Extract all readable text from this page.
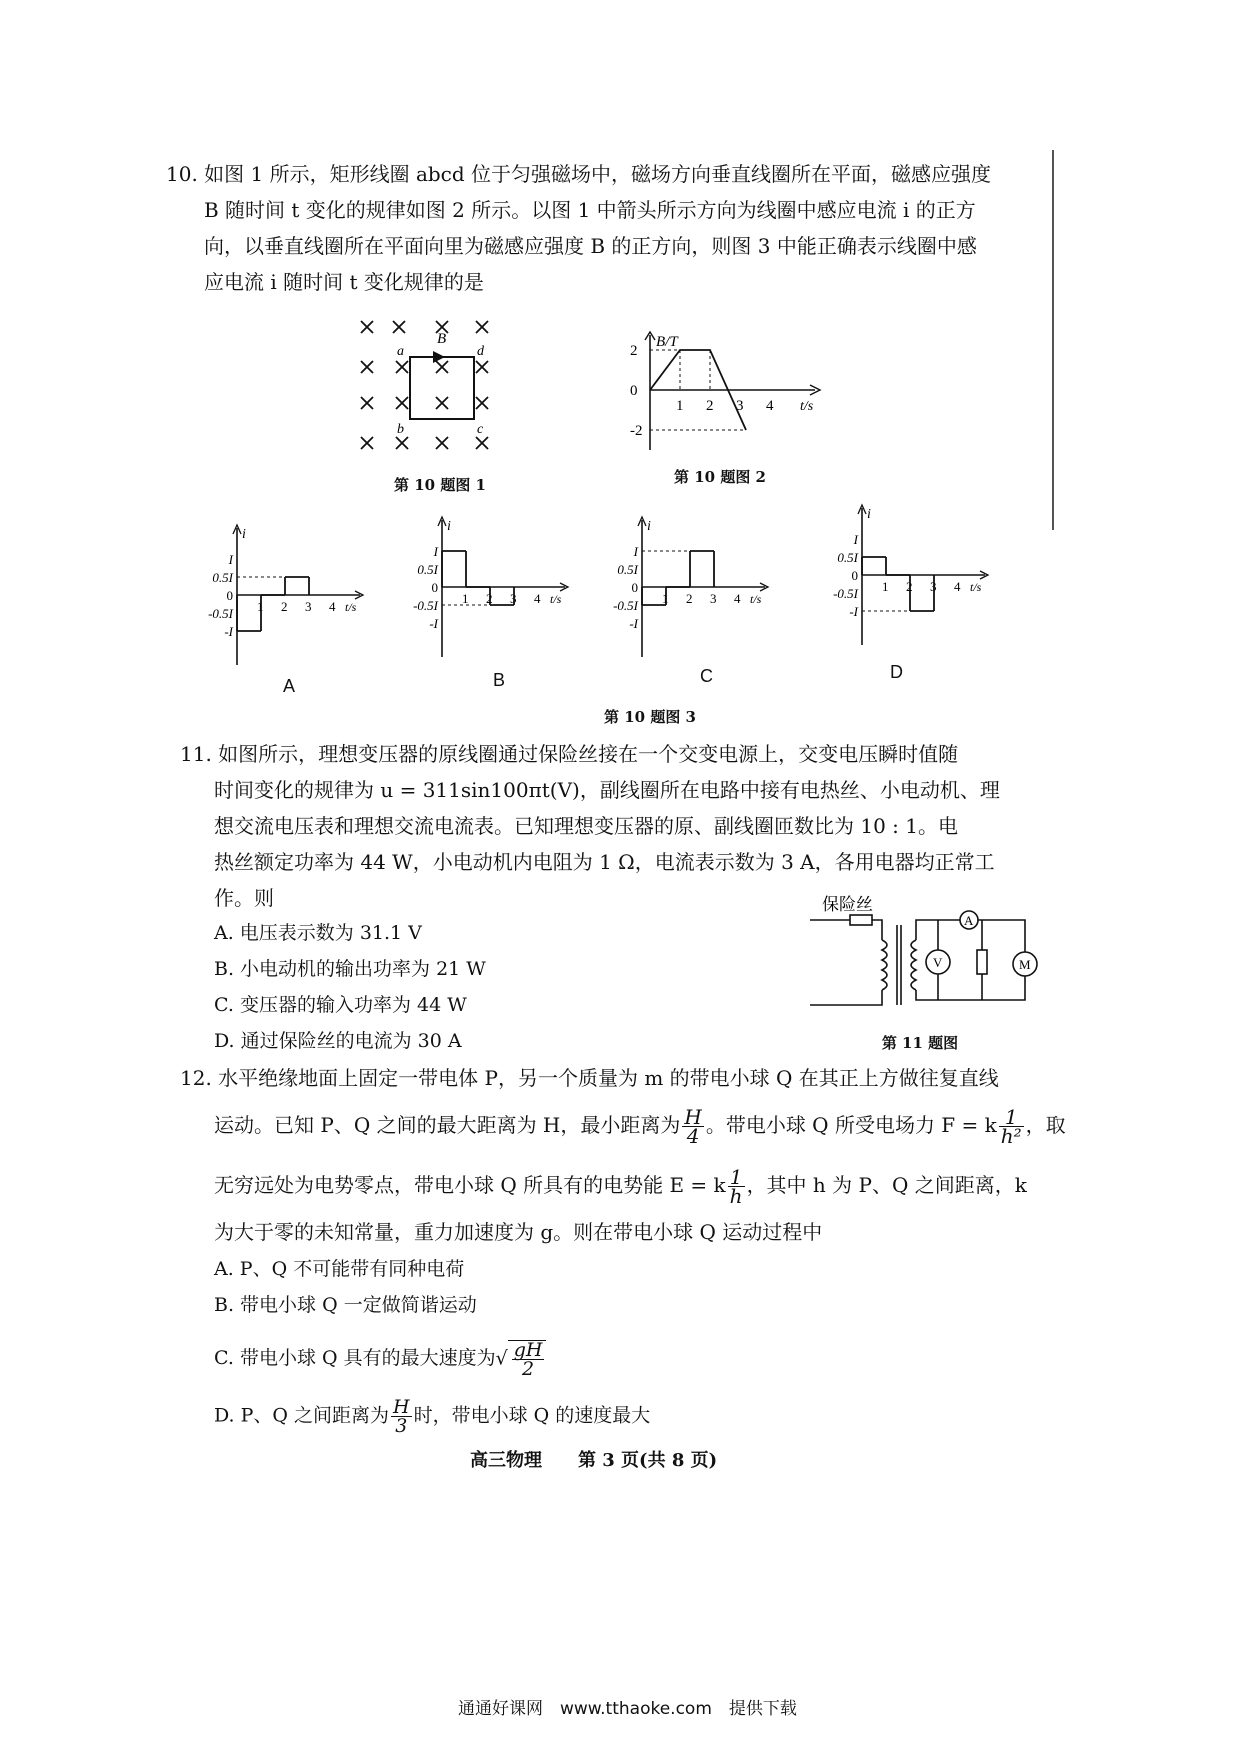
10. 如图 1 所示，矩形线圈 abcd 位于匀强磁场中，磁场方向垂直线圈所在平面，磁感应强度
B 随时间 t 变化的规律如图 2 所示。以图 1 中箭头所示方向为线圈中感应电流 i 的正方
向，以垂直线圈所在平面向里为磁感应强度 B 的正方向，则图 3 中能正确表示线圈中感
应电流 i 随时间 t 变化规律的是
B
a	d
b	c
第 10 题图 1
B/T
t/s
2
0
-2
1 2 3 4
第 10 题图 2
i
t/s
I
0.5I
0
-0.5I
-I
1 2 3 4
i
t/s
I
0.5I
0
-0.5I
-I
1 2 3 4
i
t/s
I
0.5I
0
-0.5I
-I
1 2 3 4
i
t/s
I
0.5I
0
-0.5I
-I
1 2 3 4
A	B	C	D
第 10 题图 3
11. 如图所示，理想变压器的原线圈通过保险丝接在一个交变电源上，交变电压瞬时值随
时间变化的规律为 u = 311sin100πt(V)，副线圈所在电路中接有电热丝、小电动机、理
想交流电压表和理想交流电流表。已知理想变压器的原、副线圈匝数比为 10 : 1。电
热丝额定功率为 44 W，小电动机内电阻为 1 Ω，电流表示数为 3 A，各用电器均正常工
作。则
A. 电压表示数为 31.1 V
B. 小电动机的输出功率为 21 W
C. 变压器的输入功率为 44 W
D. 通过保险丝的电流为 30 A
保险丝
A
V	M
第 11 题图
12. 水平绝缘地面上固定一带电体 P，另一个质量为 m 的带电小球 Q 在其正上方做往复直线
运动。已知 P、Q 之间的最大距离为 H，最小距离为 $\frac{H}{4}$ 。带电小球 Q 所受电场力 F = k $\frac{1}{\text{h²}}$ ，取
无穷远处为电势零点，带电小球 Q 所具有的电势能 E = k $\frac{1}{h}$ ，其中 h 为 P、Q 之间距离，k
为大于零的未知常量，重力加速度为 g。则在带电小球 Q 运动过程中
A. P、Q 不可能带有同种电荷
B. 带电小球 Q 一定做简谐运动
C. 带电小球 Q 具有的最大速度为√ $\frac{gH}{2}$
D. P、Q 之间距离为 $\frac{H}{3}$ 时，带电小球 Q 的速度最大
高三物理　　第 3 页(共 8 页)
通通好课网　www.tthaoke.com　提供下载
